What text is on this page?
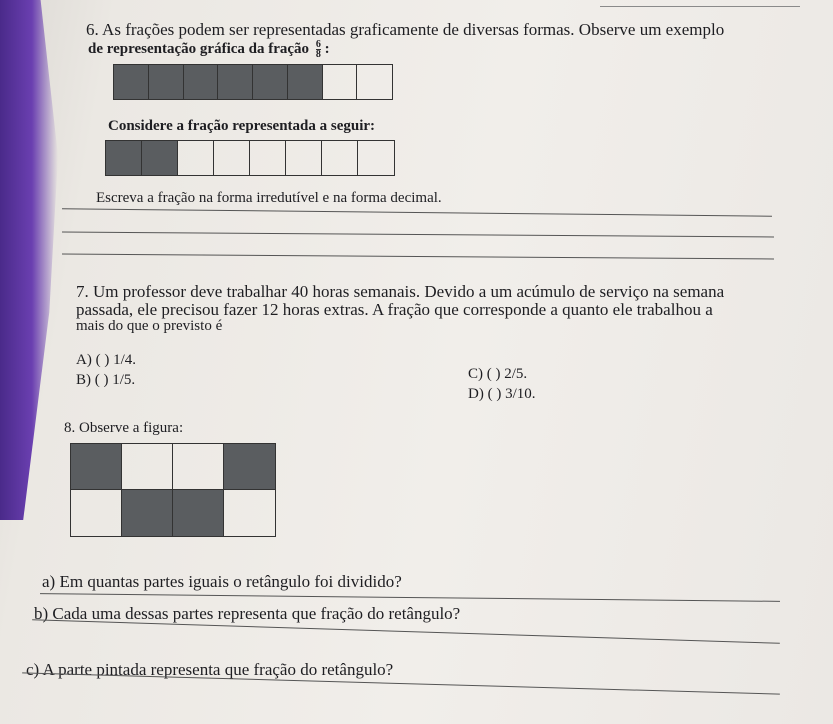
6. As frações podem ser representadas graficamente de diversas formas. Observe um exemplo
de representação gráfica da fração $\frac{6}{8}$ :
Considere a fração representada a seguir:
Escreva a fração na forma irredutível e na forma decimal.
7. Um professor deve trabalhar 40 horas semanais. Devido a um acúmulo de serviço na semana
passada, ele precisou fazer 12 horas extras. A fração que corresponde a quanto ele trabalhou a
mais do que o previsto é
A) ( ) 1/4.
B) ( ) 1/5.	C) ( ) 2/5.
D) ( ) 3/10.
8. Observe a figura:
a) Em quantas partes iguais o retângulo foi dividido?
b) Cada uma dessas partes representa que fração do retângulo?
c) A parte pintada representa que fração do retângulo?
